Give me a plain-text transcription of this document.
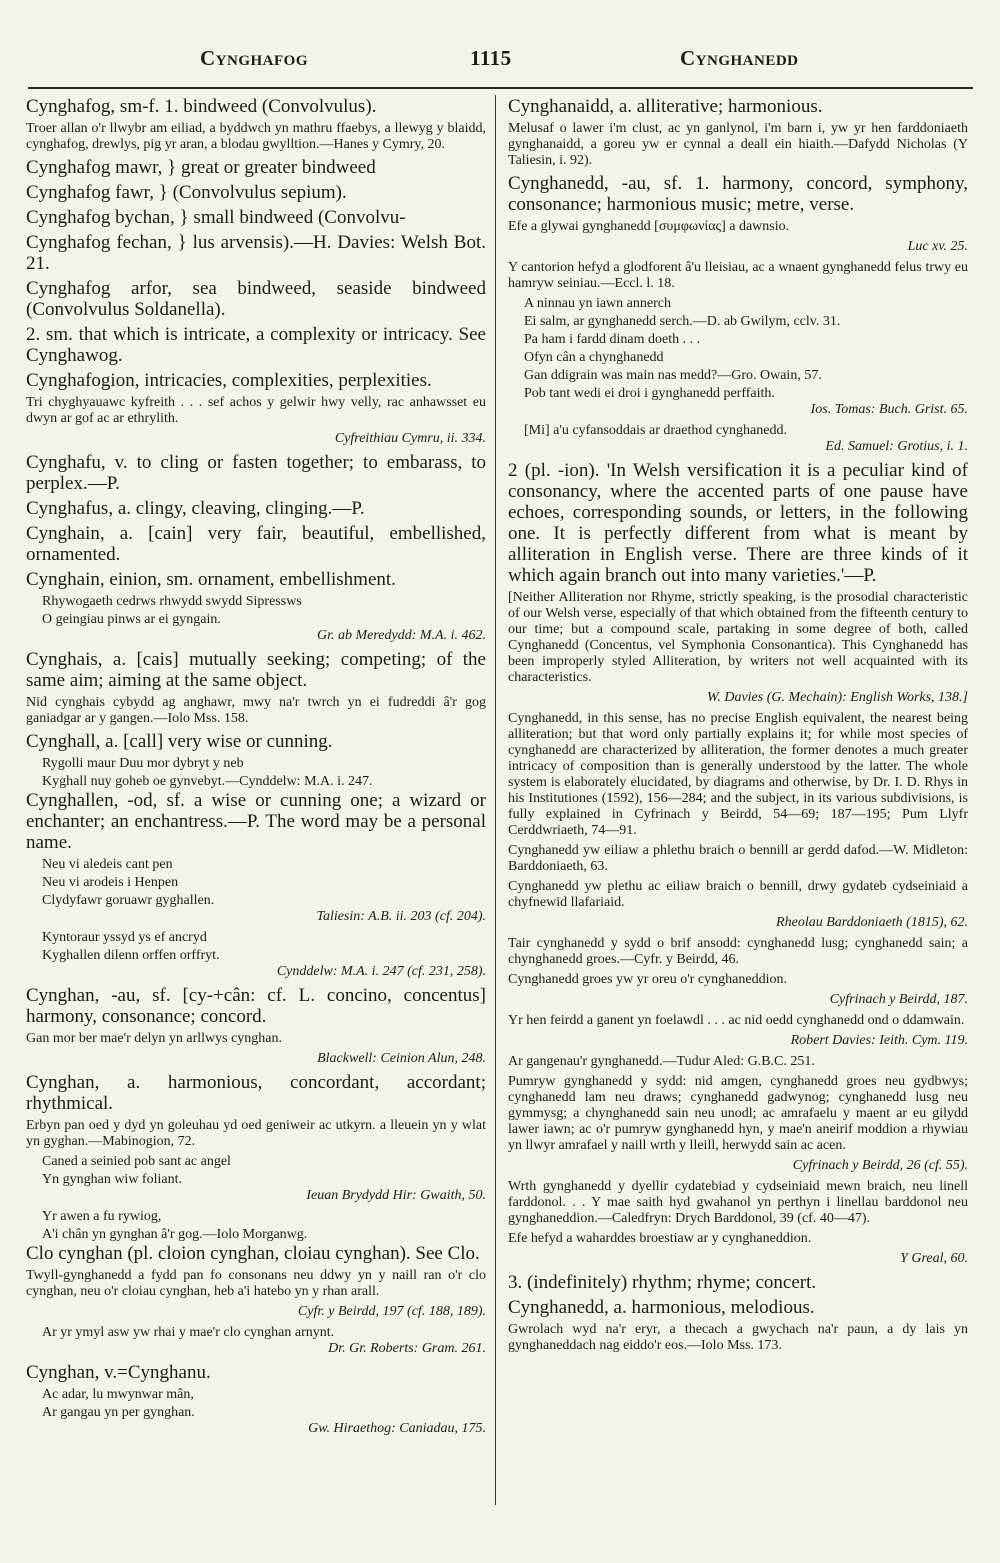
Cynghafog	1115	Cynghanedd

Cynghafog, sm-f. 1. bindweed (Convolvulus).

Troer allan o'r llwybr am eiliad, a byddwch yn mathru ffaebys, a llewyg y blaidd, cynghafog, drewlys, pig yr aran, a blodau gwylltion.—Hanes y Cymry, 20.

Cynghafog mawr, } great or greater bindweed

Cynghafog fawr, } (Convolvulus sepium).

Cynghafog bychan, } small bindweed (Convolvu-

Cynghafog fechan, } lus arvensis).—H. Davies: Welsh Bot. 21.

Cynghafog arfor, sea bindweed, seaside bindweed (Convolvulus Soldanella).

2. sm. that which is intricate, a complexity or intricacy. See Cynghawog.

Cynghafogion, intricacies, complexities, perplexities.

Tri chyghyauawc kyfreith . . . sef achos y gelwir hwy velly, rac anhawsset eu dwyn ar gof ac ar ethrylith.

Cyfreithiau Cymru, ii. 334.

Cynghafu, v. to cling or fasten together; to embarass, to perplex.—P.

Cynghafus, a. clingy, cleaving, clinging.—P.

Cynghain, a. [cain] very fair, beautiful, embellished, ornamented.

Cynghain, einion, sm. ornament, embellishment.

Rhywogaeth cedrws rhwydd swydd Sipressws

O geingiau pinws ar ei gyngain.

Gr. ab Meredydd: M.A. i. 462.

Cynghais, a. [cais] mutually seeking; competing; of the same aim; aiming at the same object.

Nid cynghais cybydd ag anghawr, mwy na'r twrch yn ei fudreddi â'r gog ganiadgar ar y gangen.—Iolo Mss. 158.

Cynghall, a. [call] very wise or cunning.

Rygolli maur Duu mor dybryt y neb

Kyghall nuy goheb oe gynvebyt.—Cynddelw: M.A. i. 247.

Cynghallen, -od, sf. a wise or cunning one; a wizard or enchanter; an enchantress.—P. The word may be a personal name.

Neu vi aledeis cant pen

Neu vi arodeis i Henpen

Clydyfawr goruawr gyghallen.

Taliesin: A.B. ii. 203 (cf. 204).

Kyntoraur yssyd ys ef ancryd

Kyghallen dilenn orffen orffryt.

Cynddelw: M.A. i. 247 (cf. 231, 258).

Cynghan, -au, sf. [cy-+cân: cf. L. concino, concentus] harmony, consonance; concord.

Gan mor ber mae'r delyn yn arllwys cynghan.

Blackwell: Ceinion Alun, 248.

Cynghan, a. harmonious, concordant, accordant; rhythmical.

Erbyn pan oed y dyd yn goleuhau yd oed geniweir ac utkyrn. a lleuein yn y wlat yn gyghan.—Mabinogion, 72.

Caned a seinied pob sant ac angel

Yn gynghan wiw foliant.

Ieuan Brydydd Hir: Gwaith, 50.

Yr awen a fu rywiog,

A'i chân yn gynghan â'r gog.—Iolo Morganwg.

Clo cynghan (pl. cloion cynghan, cloiau cynghan). See Clo.

Twyll-gynghanedd a fydd pan fo consonans neu ddwy yn y naill ran o'r clo cynghan, neu o'r cloiau cynghan, heb a'i hatebo yn y rhan arall.

Cyfr. y Beirdd, 197 (cf. 188, 189).

Ar yr ymyl asw yw rhai y mae'r clo cynghan arnynt.

Dr. Gr. Roberts: Gram. 261.

Cynghan, v.=Cynghanu.

Ac adar, lu mwynwar mân,

Ar gangau yn per gynghan.

Gw. Hiraethog: Caniadau, 175.

Cynghanaidd, a. alliterative; harmonious.

Melusaf o lawer i'm clust, ac yn ganlynol, i'm barn i, yw yr hen farddoniaeth gynghanaidd, a goreu yw er cynnal a deall ein hiaith.—Dafydd Nicholas (Y Taliesin, i. 92).

Cynghanedd, -au, sf. 1. harmony, concord, symphony, consonance; harmonious music; metre, verse.

Efe a glywai gynghanedd [συμφωνίας] a dawnsio.

Luc xv. 25.

Y cantorion hefyd a glodforent â'u lleisiau, ac a wnaent gynghanedd felus trwy eu hamryw seiniau.—Eccl. l. 18.

A ninnau yn iawn annerch

Ei salm, ar gynghanedd serch.—D. ab Gwilym, cclv. 31.

Pa ham i fardd dinam doeth . . .

Ofyn cân a chynghanedd

Gan ddigrain was main nas medd?—Gro. Owain, 57.

Pob tant wedi ei droi i gynghanedd perffaith.

Ios. Tomas: Buch. Grist. 65.

[Mi] a'u cyfansoddais ar draethod cynghanedd.

Ed. Samuel: Grotius, i. 1.

2 (pl. -ion). 'In Welsh versification it is a peculiar kind of consonancy, where the accented parts of one pause have echoes, corresponding sounds, or letters, in the following one. It is perfectly different from what is meant by alliteration in English verse. There are three kinds of it which again branch out into many varieties.'—P.

[Neither Alliteration nor Rhyme, strictly speaking, is the prosodial characteristic of our Welsh verse, especially of that which obtained from the fifteenth century to our time; but a compound scale, partaking in some degree of both, called Cynghanedd (Concentus, vel Symphonia Consonantica). This Cynghanedd has been improperly styled Alliteration, by writers not well acquainted with its characteristics.

W. Davies (G. Mechain): English Works, 138.]

Cynghanedd, in this sense, has no precise English equivalent, the nearest being alliteration; but that word only partially explains it; for while most species of cynghanedd are characterized by alliteration, the former denotes a much greater intricacy of composition than is generally understood by the latter. The whole system is elaborately elucidated, by diagrams and otherwise, by Dr. I. D. Rhys in his Institutiones (1592), 156—284; and the subject, in its various subdivisions, is fully explained in Cyfrinach y Beirdd, 54—69; 187—195; Pum Llyfr Cerddwriaeth, 74—91.

Cynghanedd yw eiliaw a phlethu braich o bennill ar gerdd dafod.—W. Midleton: Barddoniaeth, 63.

Cynghanedd yw plethu ac eiliaw braich o bennill, drwy gydateb cydseiniaid a chyfnewid llafariaid.

Rheolau Barddoniaeth (1815), 62.

Tair cynghanedd y sydd o brif ansodd: cynghanedd lusg; cynghanedd sain; a chynghanedd groes.—Cyfr. y Beirdd, 46.

Cynghanedd groes yw yr oreu o'r cynghaneddion.

Cyfrinach y Beirdd, 187.

Yr hen feirdd a ganent yn foelawdl . . . ac nid oedd cynghanedd ond o ddamwain.

Robert Davies: Ieith. Cym. 119.

Ar gangenau'r gynghanedd.—Tudur Aled: G.B.C. 251.

Pumryw gynghanedd y sydd: nid amgen, cynghanedd groes neu gydbwys; cynghanedd lam neu draws; cynghanedd gadwynog; cynghanedd lusg neu gymmysg; a chynghanedd sain neu unodl; ac amrafaelu y maent ar eu gilydd lawer iawn; ac o'r pumryw gynghanedd hyn, y mae'n aneirif moddion a rhywiau yn llwyr amrafael y naill wrth y lleill, herwydd sain ac acen.

Cyfrinach y Beirdd, 26 (cf. 55).

Wrth gynghanedd y dyellir cydatebiad y cydseiniaid mewn braich, neu linell farddonol. . . Y mae saith hyd gwahanol yn perthyn i linellau barddonol neu gynghaneddion.—Caledfryn: Drych Barddonol, 39 (cf. 40—47).

Efe hefyd a waharddes broestiaw ar y cynghaneddion.

Y Greal, 60.

3. (indefinitely) rhythm; rhyme; concert.

Cynghanedd, a. harmonious, melodious.

Gwrolach wyd na'r eryr, a thecach a gwychach na'r paun, a dy lais yn gynghaneddach nag eiddo'r eos.—Iolo Mss. 173.
